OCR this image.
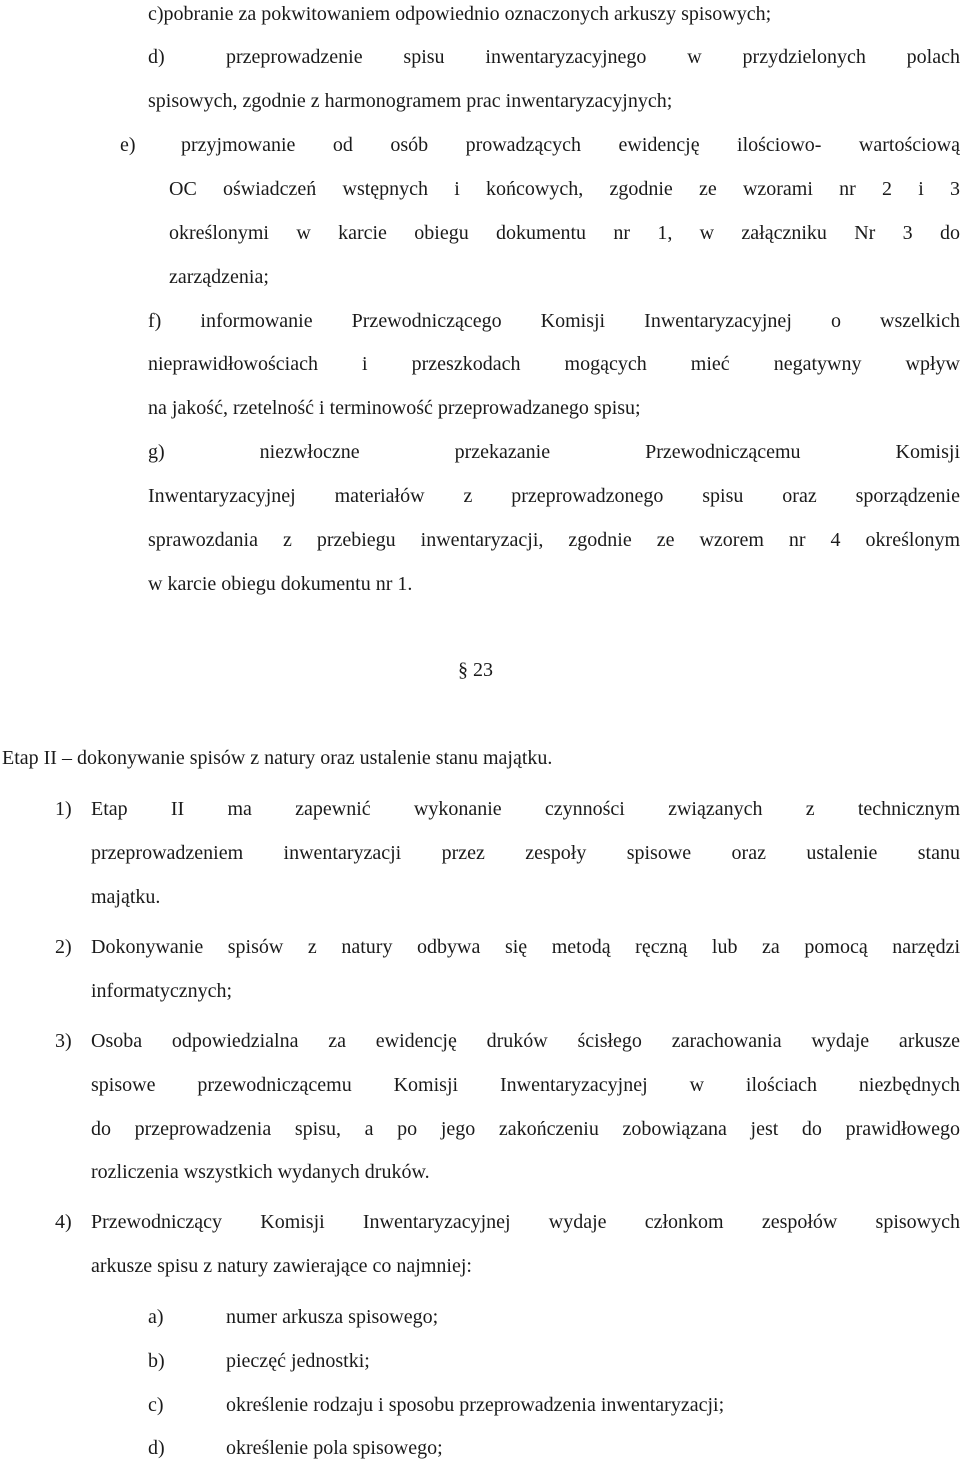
c)pobranie za pokwitowaniem odpowiednio oznaczonych arkuszy spisowych;
d)	przeprowadzenie spisu inwentaryzacyjnego w przydzielonych polach
spisowych, zgodnie z harmonogramem prac inwentaryzacyjnych;
e) przyjmowanie od osób prowadzących ewidencję ilościowo- wartościową
OC oświadczeń wstępnych i końcowych, zgodnie ze wzorami nr 2 i 3
określonymi w karcie obiegu dokumentu nr 1, w załączniku Nr 3 do
zarządzenia;
f) informowanie Przewodniczącego Komisji Inwentaryzacyjnej o wszelkich
nieprawidłowościach i przeszkodach mogących mieć negatywny wpływ
na jakość, rzetelność i terminowość przeprowadzanego spisu;
g) niezwłoczne przekazanie Przewodniczącemu Komisji
Inwentaryzacyjnej materiałów z przeprowadzonego spisu oraz sporządzenie
sprawozdania z przebiegu inwentaryzacji, zgodnie ze wzorem nr 4 określonym
w karcie obiegu dokumentu nr 1.
§ 23
Etap II – dokonywanie spisów z natury oraz ustalenie stanu majątku.
1) Etap II ma zapewnić wykonanie czynności związanych z technicznym
przeprowadzeniem inwentaryzacji przez zespoły spisowe oraz ustalenie stanu
majątku.
2) Dokonywanie spisów z natury odbywa się metodą ręczną lub za pomocą narzędzi
informatycznych;
3) Osoba odpowiedzialna za ewidencję druków ścisłego zarachowania wydaje arkusze
spisowe przewodniczącemu Komisji Inwentaryzacyjnej w ilościach niezbędnych
do przeprowadzenia spisu, a po jego zakończeniu zobowiązana jest do prawidłowego
rozliczenia wszystkich wydanych druków.
4) Przewodniczący Komisji Inwentaryzacyjnej wydaje członkom zespołów spisowych
arkusze spisu z natury zawierające co najmniej:
a)	numer arkusza spisowego;
b)	pieczęć jednostki;
c)	określenie rodzaju i sposobu przeprowadzenia inwentaryzacji;
d)	określenie pola spisowego;
